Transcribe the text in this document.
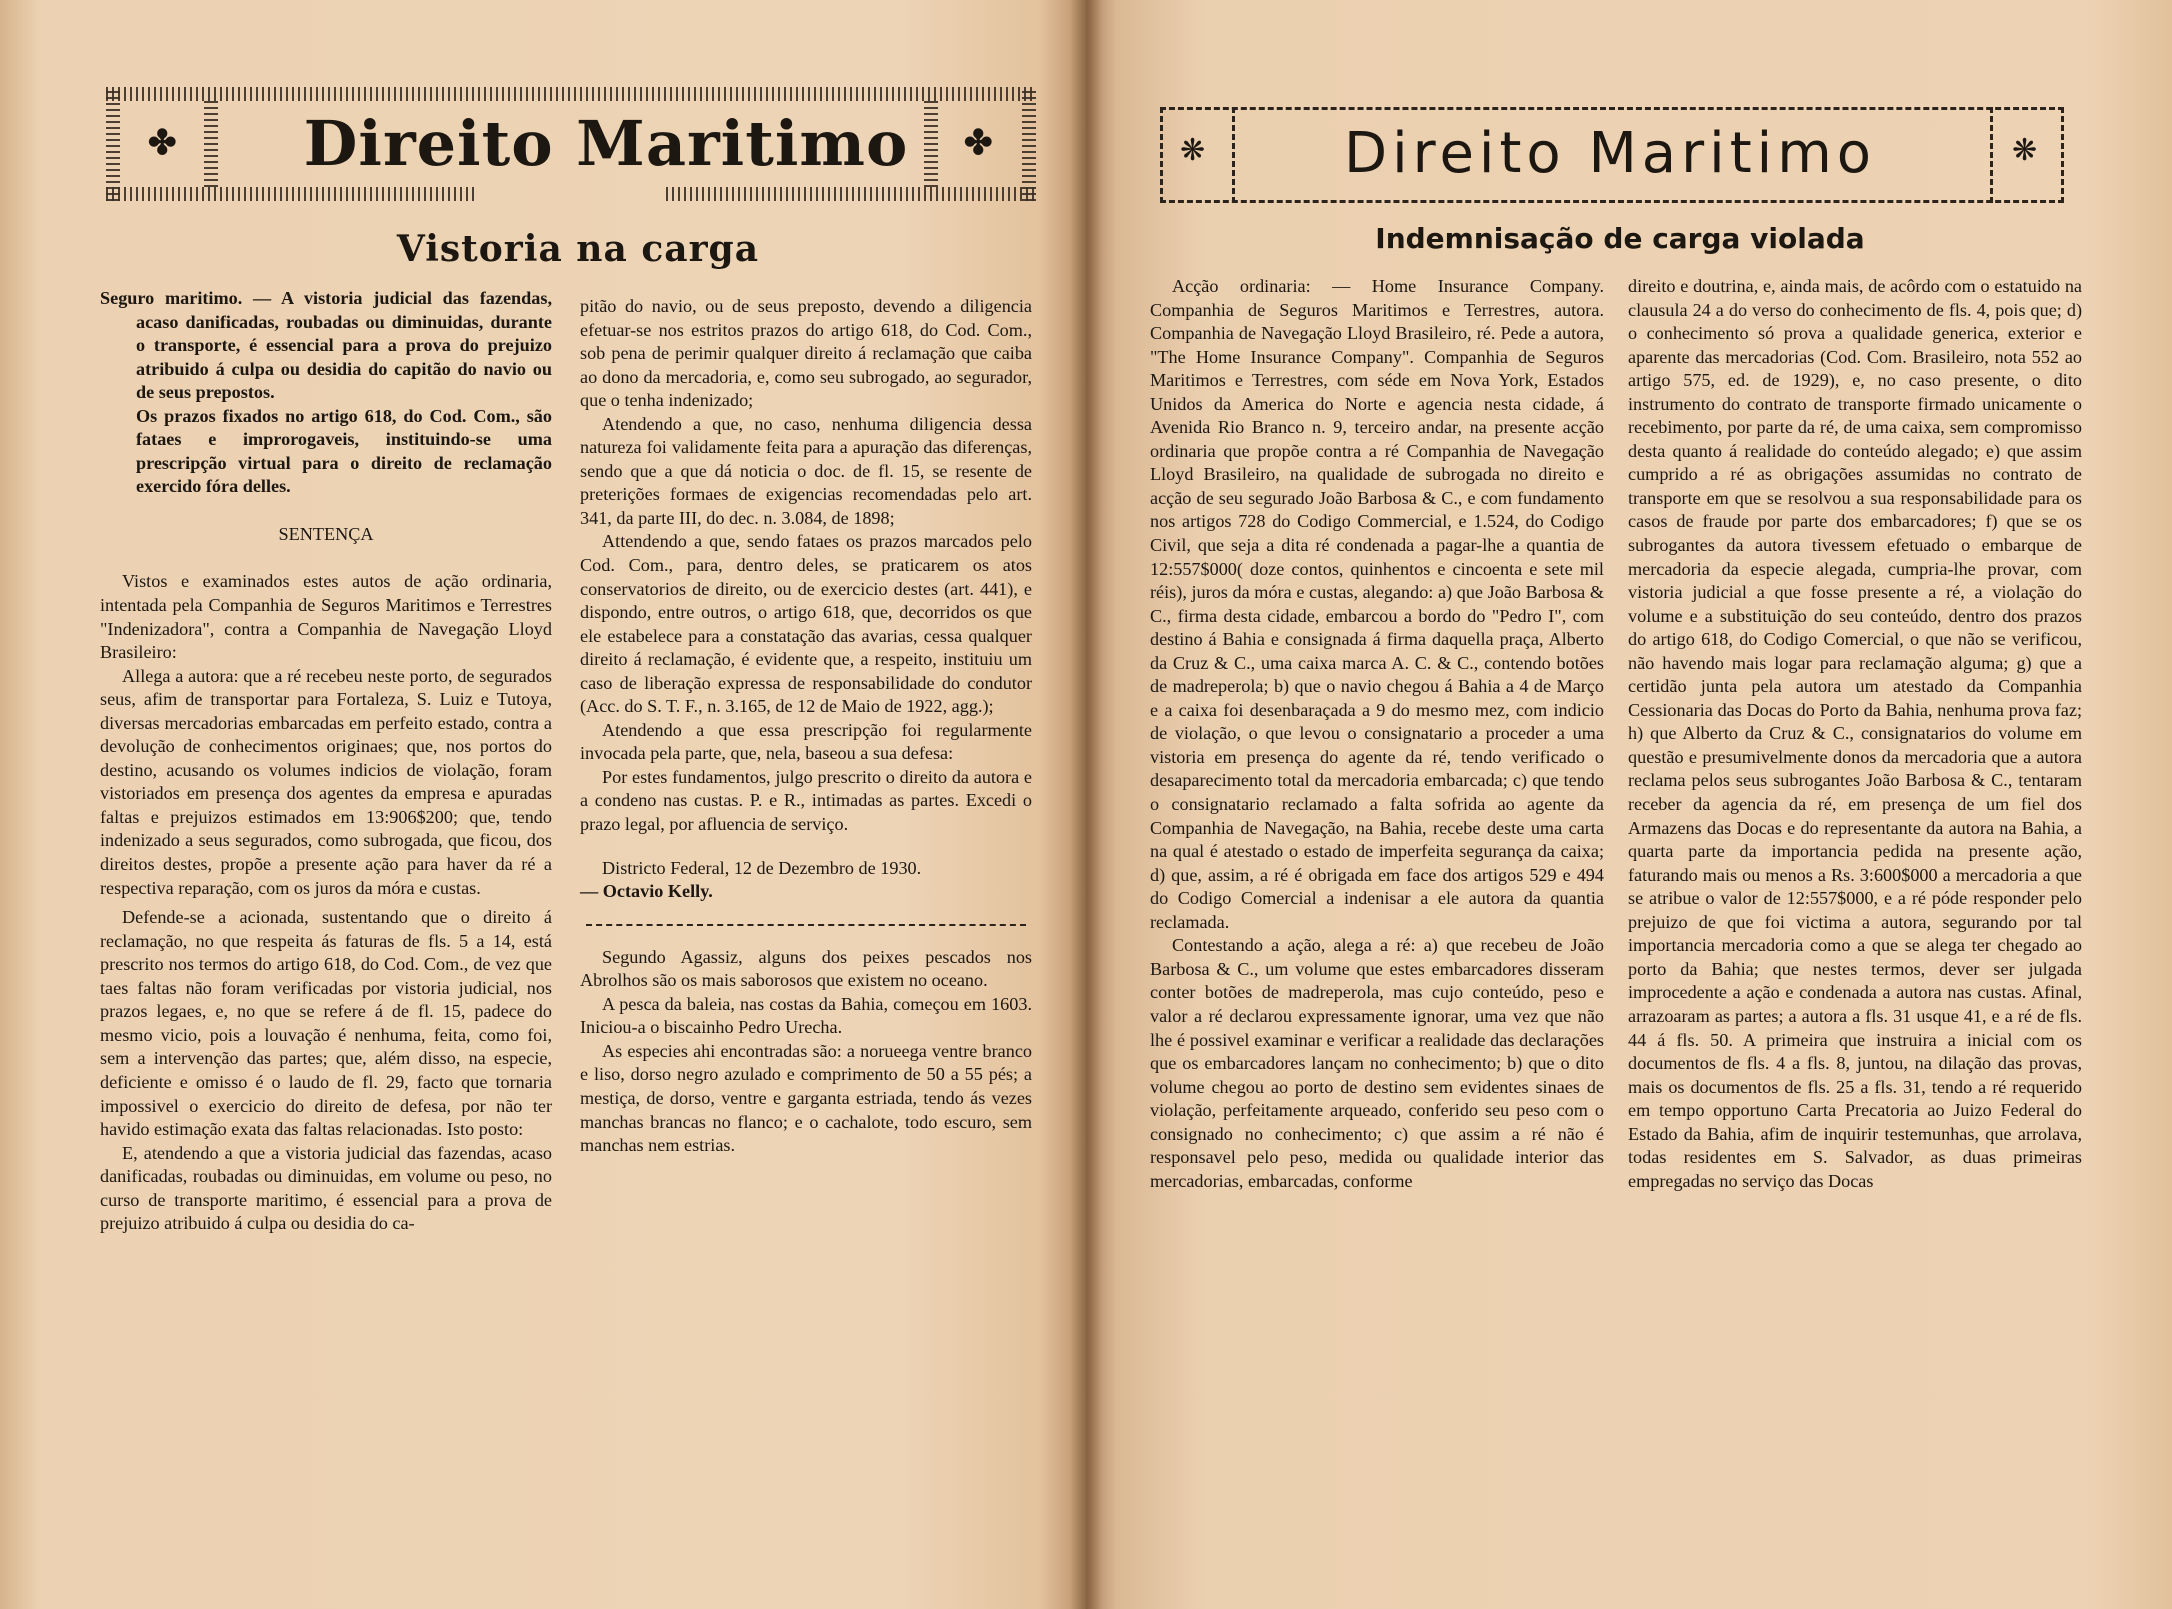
✤	✤
Direito Maritimo
Vistoria na carga

Seguro maritimo. — A vistoria judicial das fazendas, acaso danificadas, roubadas ou diminuidas, durante o transporte, é essencial para a prova do prejuizo atribuido á culpa ou desidia do capitão do navio ou de seus prepostos.

Os prazos fixados no artigo 618, do Cod. Com., são fataes e improrogaveis, instituindo-se uma prescripção virtual para o direito de reclamação exercido fóra delles.

SENTENÇA

Vistos e examinados estes autos de ação ordinaria, intentada pela Companhia de Seguros Maritimos e Terrestres "Indenizadora", contra a Companhia de Navegação Lloyd Brasileiro:

Allega a autora: que a ré recebeu neste porto, de segurados seus, afim de transportar para Fortaleza, S. Luiz e Tutoya, diversas mercadorias embarcadas em perfeito estado, contra a devolução de conhecimentos originaes; que, nos portos do destino, acusando os volumes indicios de violação, foram vistoriados em presença dos agentes da empresa e apuradas faltas e prejuizos estimados em 13:906$200; que, tendo indenizado a seus segurados, como subrogada, que ficou, dos direitos destes, propõe a presente ação para haver da ré a respectiva reparação, com os juros da móra e custas.

Defende-se a acionada, sustentando que o direito á reclamação, no que respeita ás faturas de fls. 5 a 14, está prescrito nos termos do artigo 618, do Cod. Com., de vez que taes faltas não foram verificadas por vistoria judicial, nos prazos legaes, e, no que se refere á de fl. 15, padece do mesmo vicio, pois a louvação é nenhuma, feita, como foi, sem a intervenção das partes; que, além disso, na especie, deficiente e omisso é o laudo de fl. 29, facto que tornaria impossivel o exercicio do direito de defesa, por não ter havido estimação exata das faltas relacionadas. Isto posto:

E, atendendo a que a vistoria judicial das fazendas, acaso danificadas, roubadas ou diminuidas, em volume ou peso, no curso de transporte maritimo, é essencial para a prova de prejuizo atribuido á culpa ou desidia do ca-

pitão do navio, ou de seus preposto, devendo a diligencia efetuar-se nos estritos prazos do artigo 618, do Cod. Com., sob pena de perimir qualquer direito á reclamação que caiba ao dono da mercadoria, e, como seu subrogado, ao segurador, que o tenha indenizado;

Atendendo a que, no caso, nenhuma diligencia dessa natureza foi validamente feita para a apuração das diferenças, sendo que a que dá noticia o doc. de fl. 15, se resente de preterições formaes de exigencias recomendadas pelo art. 341, da parte III, do dec. n. 3.084, de 1898;

Attendendo a que, sendo fataes os prazos marcados pelo Cod. Com., para, dentro deles, se praticarem os atos conservatorios de direito, ou de exercicio destes (art. 441), e dispondo, entre outros, o artigo 618, que, decorridos os que ele estabelece para a constatação das avarias, cessa qualquer direito á reclamação, é evidente que, a respeito, instituiu um caso de liberação expressa de responsabilidade do condutor (Acc. do S. T. F., n. 3.165, de 12 de Maio de 1922, agg.);

Atendendo a que essa prescripção foi regularmente invocada pela parte, que, nela, baseou a sua defesa:

Por estes fundamentos, julgo prescrito o direito da autora e a condeno nas custas. P. e R., intimadas as partes. Excedi o prazo legal, por afluencia de serviço.

Districto Federal, 12 de Dezembro de 1930.

— Octavio Kelly.

Segundo Agassiz, alguns dos peixes pescados nos Abrolhos são os mais saborosos que existem no oceano.

A pesca da baleia, nas costas da Bahia, começou em 1603. Iniciou-a o biscainho Pedro Urecha.

As especies ahi encontradas são: a norueega ventre branco e liso, dorso negro azulado e comprimento de 50 a 55 pés; a mestiça, de dorso, ventre e garganta estriada, tendo ás vezes manchas brancas no flanco; e o cachalote, todo escuro, sem manchas nem estrias.

❋	❋
Direito Maritimo
Indemnisação de carga violada

Acção ordinaria: — Home Insurance Company. Companhia de Seguros Maritimos e Terrestres, autora. Companhia de Navegação Lloyd Brasileiro, ré. Pede a autora, "The Home Insurance Company". Companhia de Seguros Maritimos e Terrestres, com séde em Nova York, Estados Unidos da America do Norte e agencia nesta cidade, á Avenida Rio Branco n. 9, terceiro andar, na presente acção ordinaria que propõe contra a ré Companhia de Navegação Lloyd Brasileiro, na qualidade de subrogada no direito e acção de seu segurado João Barbosa & C., e com fundamento nos artigos 728 do Codigo Commercial, e 1.524, do Codigo Civil, que seja a dita ré condenada a pagar-lhe a quantia de 12:557$000( doze contos, quinhentos e cincoenta e sete mil réis), juros da móra e custas, alegando: a) que João Barbosa & C., firma desta cidade, embarcou a bordo do "Pedro I", com destino á Bahia e consignada á firma daquella praça, Alberto da Cruz & C., uma caixa marca A. C. & C., contendo botões de madreperola; b) que o navio chegou á Bahia a 4 de Março e a caixa foi desenbaraçada a 9 do mesmo mez, com indicio de violação, o que levou o consignatario a proceder a uma vistoria em presença do agente da ré, tendo verificado o desaparecimento total da mercadoria embarcada; c) que tendo o consignatario reclamado a falta sofrida ao agente da Companhia de Navegação, na Bahia, recebe deste uma carta na qual é atestado o estado de imperfeita segurança da caixa; d) que, assim, a ré é obrigada em face dos artigos 529 e 494 do Codigo Comercial a indenisar a ele autora da quantia reclamada.

Contestando a ação, alega a ré: a) que recebeu de João Barbosa & C., um volume que estes embarcadores disseram conter botões de madreperola, mas cujo conteúdo, peso e valor a ré declarou expressamente ignorar, uma vez que não lhe é possivel examinar e verificar a realidade das declarações que os embarcadores lançam no conhecimento; b) que o dito volume chegou ao porto de destino sem evidentes sinaes de violação, perfeitamente arqueado, conferido seu peso com o consignado no conhecimento; c) que assim a ré não é responsavel pelo peso, medida ou qualidade interior das mercadorias, embarcadas, conforme

direito e doutrina, e, ainda mais, de acôrdo com o estatuido na clausula 24 a do verso do conhecimento de fls. 4, pois que; d) o conhecimento só prova a qualidade generica, exterior e aparente das mercadorias (Cod. Com. Brasileiro, nota 552 ao artigo 575, ed. de 1929), e, no caso presente, o dito instrumento do contrato de transporte firmado unicamente o recebimento, por parte da ré, de uma caixa, sem compromisso desta quanto á realidade do conteúdo alegado; e) que assim cumprido a ré as obrigações assumidas no contrato de transporte em que se resolvou a sua responsabilidade para os casos de fraude por parte dos embarcadores; f) que se os subrogantes da autora tivessem efetuado o embarque de mercadoria da especie alegada, cumpria-lhe provar, com vistoria judicial a que fosse presente a ré, a violação do volume e a substituição do seu conteúdo, dentro dos prazos do artigo 618, do Codigo Comercial, o que não se verificou, não havendo mais logar para reclamação alguma; g) que a certidão junta pela autora um atestado da Companhia Cessionaria das Docas do Porto da Bahia, nenhuma prova faz; h) que Alberto da Cruz & C., consignatarios do volume em questão e presumivelmente donos da mercadoria que a autora reclama pelos seus subrogantes João Barbosa & C., tentaram receber da agencia da ré, em presença de um fiel dos Armazens das Docas e do representante da autora na Bahia, a quarta parte da importancia pedida na presente ação, faturando mais ou menos a Rs. 3:600$000 a mercadoria a que se atribue o valor de 12:557$000, e a ré póde responder pelo prejuizo de que foi victima a autora, segurando por tal importancia mercadoria como a que se alega ter chegado ao porto da Bahia; que nestes termos, dever ser julgada improcedente a ação e condenada a autora nas custas. Afinal, arrazoaram as partes; a autora a fls. 31 usque 41, e a ré de fls. 44 á fls. 50. A primeira que instruira a inicial com os documentos de fls. 4 a fls. 8, juntou, na dilação das provas, mais os documentos de fls. 25 a fls. 31, tendo a ré requerido em tempo opportuno Carta Precatoria ao Juizo Federal do Estado da Bahia, afim de inquirir testemunhas, que arrolava, todas residentes em S. Salvador, as duas primeiras empregadas no serviço das Docas
